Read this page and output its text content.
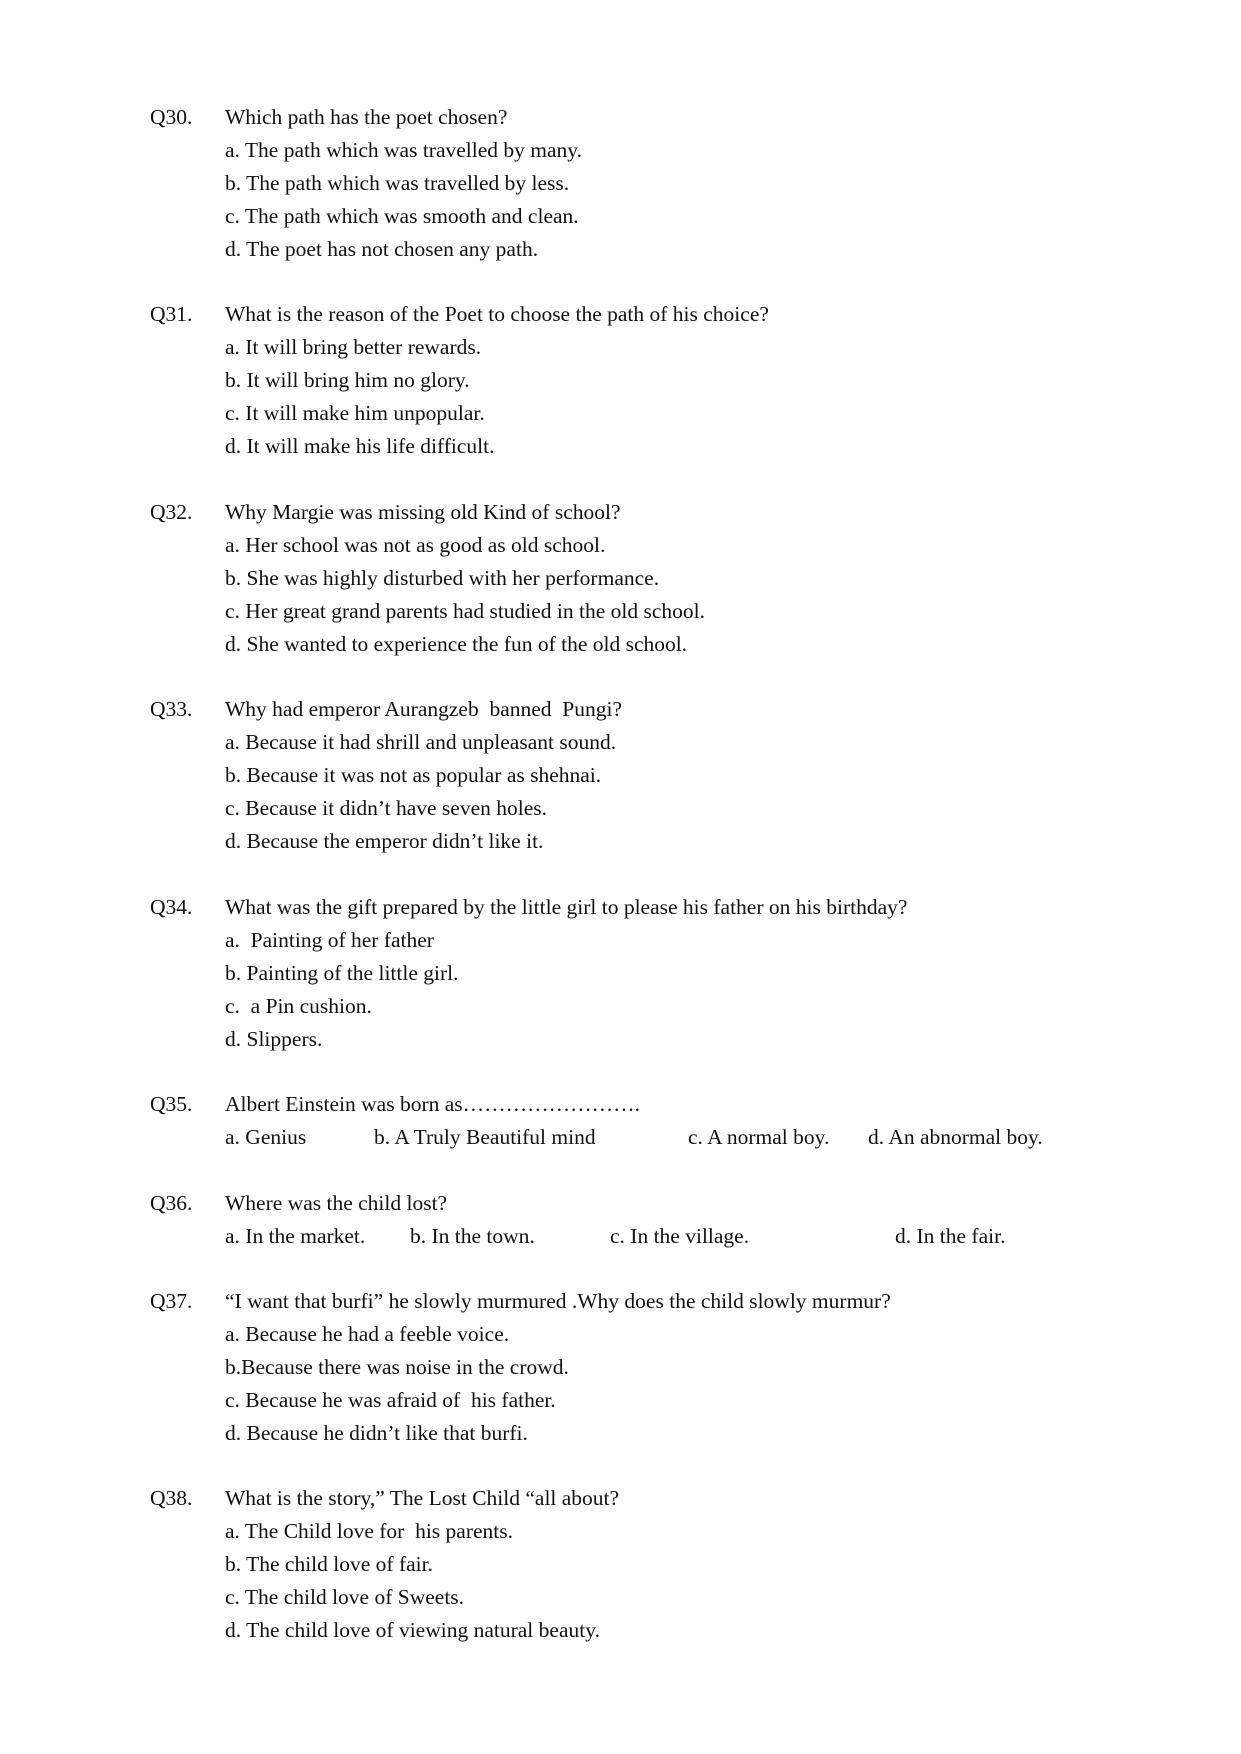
Q30. Which path has the poet chosen?
a. The path which was travelled by many.
b. The path which was travelled by less.
c. The path which was smooth and clean.
d. The poet has not chosen any path.
Q31. What is the reason of the Poet to choose the path of his choice?
a. It will bring better rewards.
b. It will bring him no glory.
c. It will make him unpopular.
d. It will make his life difficult.
Q32. Why Margie was missing old Kind of school?
a. Her school was not as good as old school.
b. She was highly disturbed with her performance.
c. Her great grand parents had studied in the old school.
d. She wanted to experience the fun of the old school.
Q33. Why had emperor Aurangzeb  banned  Pungi?
a. Because it had shrill and unpleasant sound.
b. Because it was not as popular as shehnai.
c. Because it didn’t have seven holes.
d. Because the emperor didn’t like it.
Q34. What was the gift prepared by the little girl to please his father on his birthday?
a.  Painting of her father
b. Painting of the little girl.
c.  a Pin cushion.
d. Slippers.
Q35. Albert Einstein was born as…………………….
a. Genius	b. A Truly Beautiful mind	c. A normal boy. d. An abnormal boy.
Q36. Where was the child lost?
a. In the market. b. In the town.	c. In the village.	d. In the fair.
Q37. “I want that burfi” he slowly murmured .Why does the child slowly murmur?
a. Because he had a feeble voice.
b.Because there was noise in the crowd.
c. Because he was afraid of  his father.
d. Because he didn’t like that burfi.
Q38. What is the story,” The Lost Child “all about?
a. The Child love for  his parents.
b. The child love of fair.
c. The child love of Sweets.
d. The child love of viewing natural beauty.
